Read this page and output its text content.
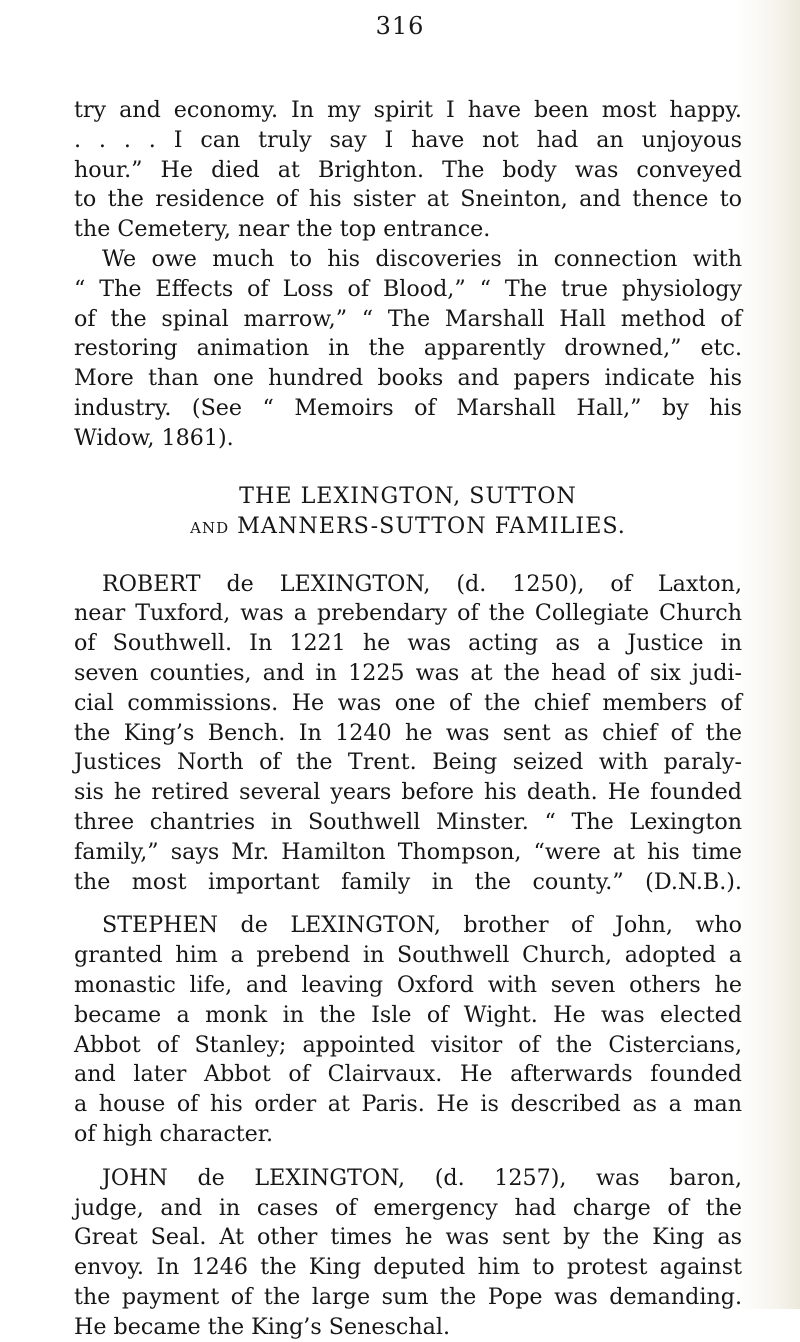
316
try and economy. In my spirit I have been most happy.
. . . . I can truly say I have not had an unjoyous
hour.” He died at Brighton. The body was conveyed
to the residence of his sister at Sneinton, and thence to
the Cemetery, near the top entrance.
We owe much to his discoveries in connection with
“ The Effects of Loss of Blood,” “ The true physiology
of the spinal marrow,” “ The Marshall Hall method of
restoring animation in the apparently drowned,” etc.
More than one hundred books and papers indicate his
industry. (See “ Memoirs of Marshall Hall,” by his
Widow, 1861).
THE LEXINGTON, SUTTON
AND MANNERS-SUTTON FAMILIES.
ROBERT de LEXINGTON, (d. 1250), of Laxton,
near Tuxford, was a prebendary of the Collegiate Church
of Southwell. In 1221 he was acting as a Justice in
seven counties, and in 1225 was at the head of six judi-
cial commissions. He was one of the chief members of
the King’s Bench. In 1240 he was sent as chief of the
Justices North of the Trent. Being seized with paraly-
sis he retired several years before his death. He founded
three chantries in Southwell Minster. “ The Lexington
family,” says Mr. Hamilton Thompson, “were at his time
the most important family in the county.” (D.N.B.).
STEPHEN de LEXINGTON, brother of John, who
granted him a prebend in Southwell Church, adopted a
monastic life, and leaving Oxford with seven others he
became a monk in the Isle of Wight. He was elected
Abbot of Stanley; appointed visitor of the Cistercians,
and later Abbot of Clairvaux. He afterwards founded
a house of his order at Paris. He is described as a man
of high character.
JOHN de LEXINGTON, (d. 1257), was baron,
judge, and in cases of emergency had charge of the
Great Seal. At other times he was sent by the King as
envoy. In 1246 the King deputed him to protest against
the payment of the large sum the Pope was demanding.
He became the King’s Seneschal.
